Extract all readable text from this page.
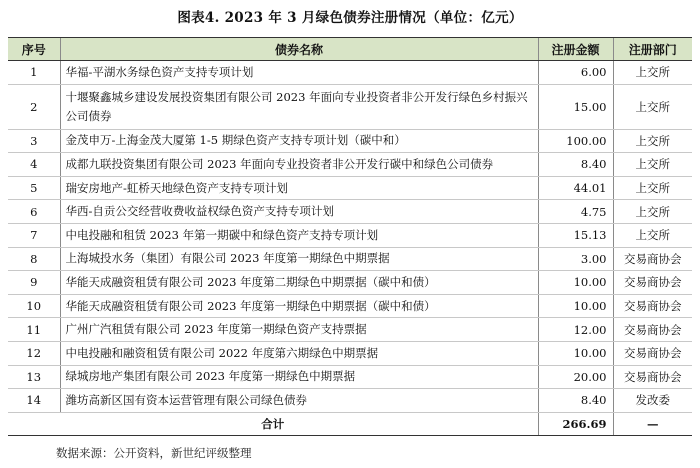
图表4. 2023 年 3 月绿色债券注册情况（单位：亿元）
序号	债券名称	注册金额	注册部门
1	华福-平湖水务绿色资产支持专项计划	6.00	上交所
2	十堰聚鑫城乡建设发展投资集团有限公司 2023 年面向专业投资者非公开发行绿色乡村振兴公司债券	15.00	上交所
3	金茂申万-上海金茂大厦第 1-5 期绿色资产支持专项计划（碳中和）	100.00	上交所
4	成都九联投资集团有限公司 2023 年面向专业投资者非公开发行碳中和绿色公司债券	8.40	上交所
5	瑞安房地产-虹桥天地绿色资产支持专项计划	44.01	上交所
6	华西-自贡公交经营收费收益权绿色资产支持专项计划	4.75	上交所
7	中电投融和租赁 2023 年第一期碳中和绿色资产支持专项计划	15.13	上交所
8	上海城投水务（集团）有限公司 2023 年度第一期绿色中期票据	3.00	交易商协会
9	华能天成融资租赁有限公司 2023 年度第二期绿色中期票据（碳中和债）	10.00	交易商协会
10	华能天成融资租赁有限公司 2023 年度第一期绿色中期票据（碳中和债）	10.00	交易商协会
11	广州广汽租赁有限公司 2023 年度第一期绿色资产支持票据	12.00	交易商协会
12	中电投融和融资租赁有限公司 2022 年度第六期绿色中期票据	10.00	交易商协会
13	绿城房地产集团有限公司 2023 年度第一期绿色中期票据	20.00	交易商协会
14	潍坊高新区国有资本运营管理有限公司绿色债券	8.40	发改委
合计		266.69	—
数据来源：公开资料，新世纪评级整理
